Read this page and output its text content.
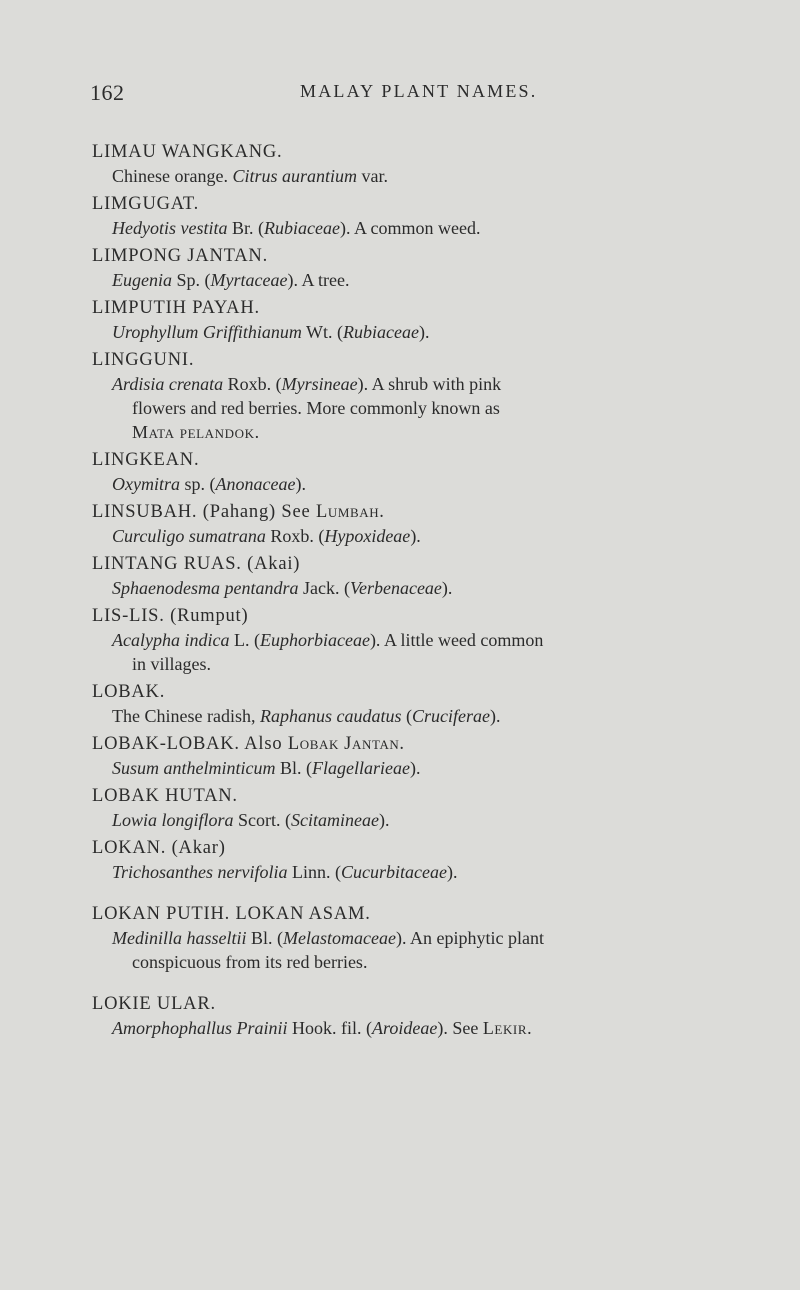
162	MALAY PLANT NAMES.
LIMAU WANGKANG.
Chinese orange. Citrus aurantium var.
LIMGUGAT.
Hedyotis vestita Br. (Rubiaceae). A common weed.
LIMPONG JANTAN.
Eugenia Sp. (Myrtaceae). A tree.
LIMPUTIH PAYAH.
Urophyllum Griffithianum Wt. (Rubiaceae).
LINGGUNI.
Ardisia crenata Roxb. (Myrsineae). A shrub with pink
flowers and red berries. More commonly known as
Mata pelandok.
LINGKEAN.
Oxymitra sp. (Anonaceae).
LINSUBAH. (Pahang) See Lumbah.
Curculigo sumatrana Roxb. (Hypoxideae).
LINTANG RUAS. (Akai)
Sphaenodesma pentandra Jack. (Verbenaceae).
LIS-LIS. (Rumput)
Acalypha indica L. (Euphorbiaceae). A little weed common
in villages.
LOBAK.
The Chinese radish, Raphanus caudatus (Cruciferae).
LOBAK-LOBAK. Also Lobak Jantan.
Susum anthelminticum Bl. (Flagellarieae).
LOBAK HUTAN.
Lowia longiflora Scort. (Scitamineae).
LOKAN. (Akar)
Trichosanthes nervifolia Linn. (Cucurbitaceae).
LOKAN PUTIH. LOKAN ASAM.
Medinilla hasseltii Bl. (Melastomaceae). An epiphytic plant
conspicuous from its red berries.
LOKIE ULAR.
Amorphophallus Prainii Hook. fil. (Aroideae). See Lekir.
